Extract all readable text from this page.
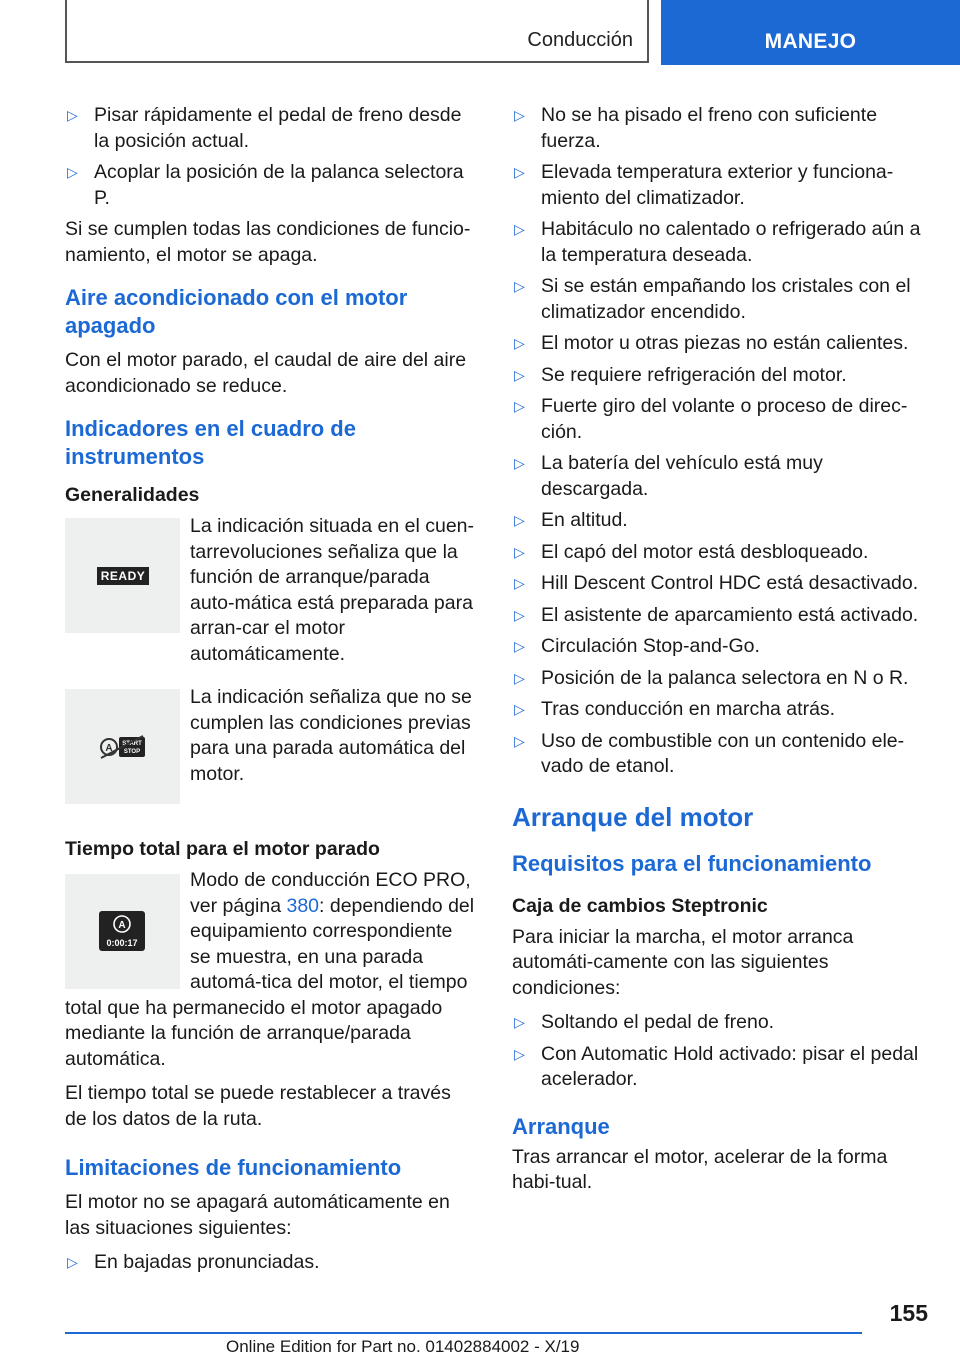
Conducción	MANEJO
▷ Pisar rápidamente el pedal de freno desde la posición actual.
▷ Acoplar la posición de la palanca selectora P.

Si se cumplen todas las condiciones de funcio-namiento, el motor se apaga.

Aire acondicionado con el motor apagado

Con el motor parado, el caudal de aire del aire acondicionado se reduce.

Indicadores en el cuadro de instrumentos
Generalidades
READY
La indicación situada en el cuen-tarrevoluciones señaliza que la función de arranque/parada auto-mática está preparada para arran-car el motor automáticamente.
A START
STOP
La indicación señaliza que no se cumplen las condiciones previas para una parada automática del motor.
Tiempo total para el motor parado
A
0:00:17

Modo de conducción ECO PRO, ver página 380: dependiendo del equipamiento correspondiente se muestra, en una parada automá-tica del motor, el tiempo total que ha permanecido el motor apagado mediante la función de arranque/parada automática.

El tiempo total se puede restablecer a través de los datos de la ruta.

Limitaciones de funcionamiento

El motor no se apagará automáticamente en las situaciones siguientes:

▷ En bajadas pronunciadas.
▷ No se ha pisado el freno con suficiente fuerza.
▷ Elevada temperatura exterior y funciona-miento del climatizador.
▷ Habitáculo no calentado o refrigerado aún a la temperatura deseada.
▷ Si se están empañando los cristales con el climatizador encendido.
▷ El motor u otras piezas no están calientes.
▷ Se requiere refrigeración del motor.
▷ Fuerte giro del volante o proceso de direc-ción.
▷ La batería del vehículo está muy descargada.
▷ En altitud.
▷ El capó del motor está desbloqueado.
▷ Hill Descent Control HDC está desactivado.
▷ El asistente de aparcamiento está activado.
▷ Circulación Stop-and-Go.
▷ Posición de la palanca selectora en N o R.
▷ Tras conducción en marcha atrás.
▷ Uso de combustible con un contenido ele-vado de etanol.
Arranque del motor
Requisitos para el funcionamiento
Caja de cambios Steptronic

Para iniciar la marcha, el motor arranca automáti-camente con las siguientes condiciones:

▷ Soltando el pedal de freno.
▷ Con Automatic Hold activado: pisar el pedal acelerador.
Arranque

Tras arrancar el motor, acelerar de la forma habi-tual.

155
Online Edition for Part no. 01402884002 - X/19
